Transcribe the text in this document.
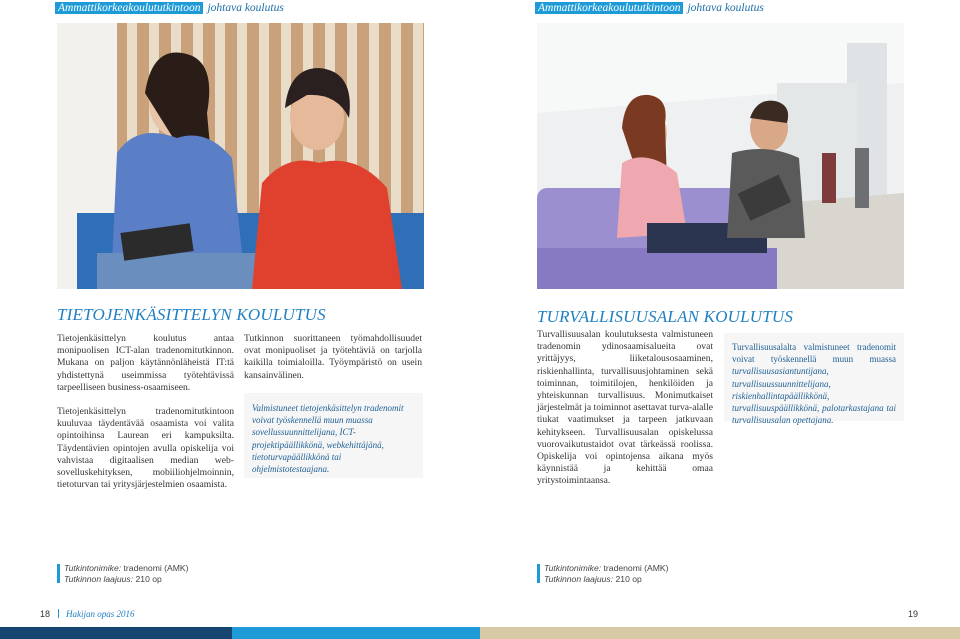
Ammattikorkeakoulututkintoon johtava koulutus	Ammattikorkeakoulututkintoon johtava koulutus
TIETOJENKÄSITTELYN KOULUTUS

Tietojenkäsittelyn koulutus antaa monipuolisen ICT-alan tradenomitutkinnon. Mukana on paljon käytännönläheistä IT:tä yhdistettynä useimmissa työtehtävissä tarpeelliseen business-osaamiseen.

Tietojenkäsittelyn tradenomitutkintoon kuuluvaa täydentävää osaamista voi valita opintoihinsa Laurean eri kampuksilta. Täydentävien opintojen avulla opiskelija voi vahvistaa digitaalisen median web-sovelluskehityksen, mobiiliohjelmoinnin, tietoturvan tai yritysjärjestelmien osaamista.

Tutkinnon suorittaneen työmahdollisuudet ovat monipuoliset ja työtehtäviä on tarjolla kaikilla toimialoilla. Työympäristö on usein kansainvälinen.

Valmistuneet tietojenkäsittelyn tradenomit voivat työskennellä muun muassa sovellussuunnittelijana, ICT-projektipäällikkönä, webkehittäjänä, tietoturvapäällikkönä tai ohjelmistotestaajana.

TURVALLISUUSALAN KOULUTUS

Turvallisuusalan koulutuksesta valmistuneen tradenomin ydinosaamisalueita ovat yrittäjyys, liiketalousosaaminen, riskienhallinta, turvallisuusjohtaminen sekä toiminnan, toimitilojen, henkilöiden ja yhteiskunnan turvallisuus. Monimutkaiset järjestelmät ja toiminnot asettavat turva-alalle tiukat vaatimukset ja tarpeen jatkuvaan kehitykseen. Turvallisuusalan opiskelussa vuorovaikutustaidot ovat tärkeässä roolissa. Opiskelija voi opintojensa aikana myös käynnistää ja kehittää omaa yritystoimintaansa.

Turvallisuusalalta valmistuneet tradenomit voivat työskennellä muun muassa turvallisuusasiantuntijana, turvallisuussuunnittelijana, riskienhallintapäällikkönä, turvallisuuspäällikkönä, palotarkastajana tai turvallisuusalan opettajana.

Tutkintonimike: tradenomi (AMK)
Tutkinnon laajuus: 210 op
Tutkintonimike: tradenomi (AMK)
Tutkinnon laajuus: 210 op
18 Hakijan opas 2016	19
